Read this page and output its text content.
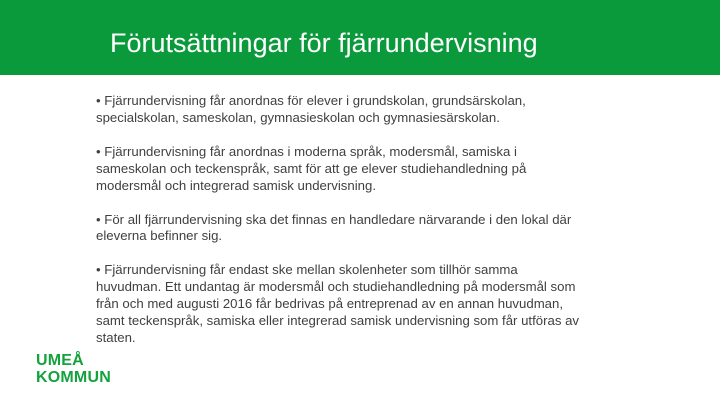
Förutsättningar för fjärrundervisning

• Fjärrundervisning får anordnas för elever i grundskolan, grundsärskolan, specialskolan, sameskolan, gymnasieskolan och gymnasiesärskolan.

• Fjärrundervisning får anordnas i moderna språk, modersmål, samiska i sameskolan och teckenspråk, samt för att ge elever studiehandledning på modersmål och integrerad samisk undervisning.

• För all fjärrundervisning ska det finnas en handledare närvarande i den lokal där eleverna befinner sig.

• Fjärrundervisning får endast ske mellan skolenheter som tillhör samma huvudman. Ett undantag är modersmål och studiehandledning på modersmål som från och med augusti 2016 får bedrivas på entreprenad av en annan huvudman, samt teckenspråk, samiska eller integrerad samisk undervisning som får utföras av staten.

UMEÅ
KOMMUN
